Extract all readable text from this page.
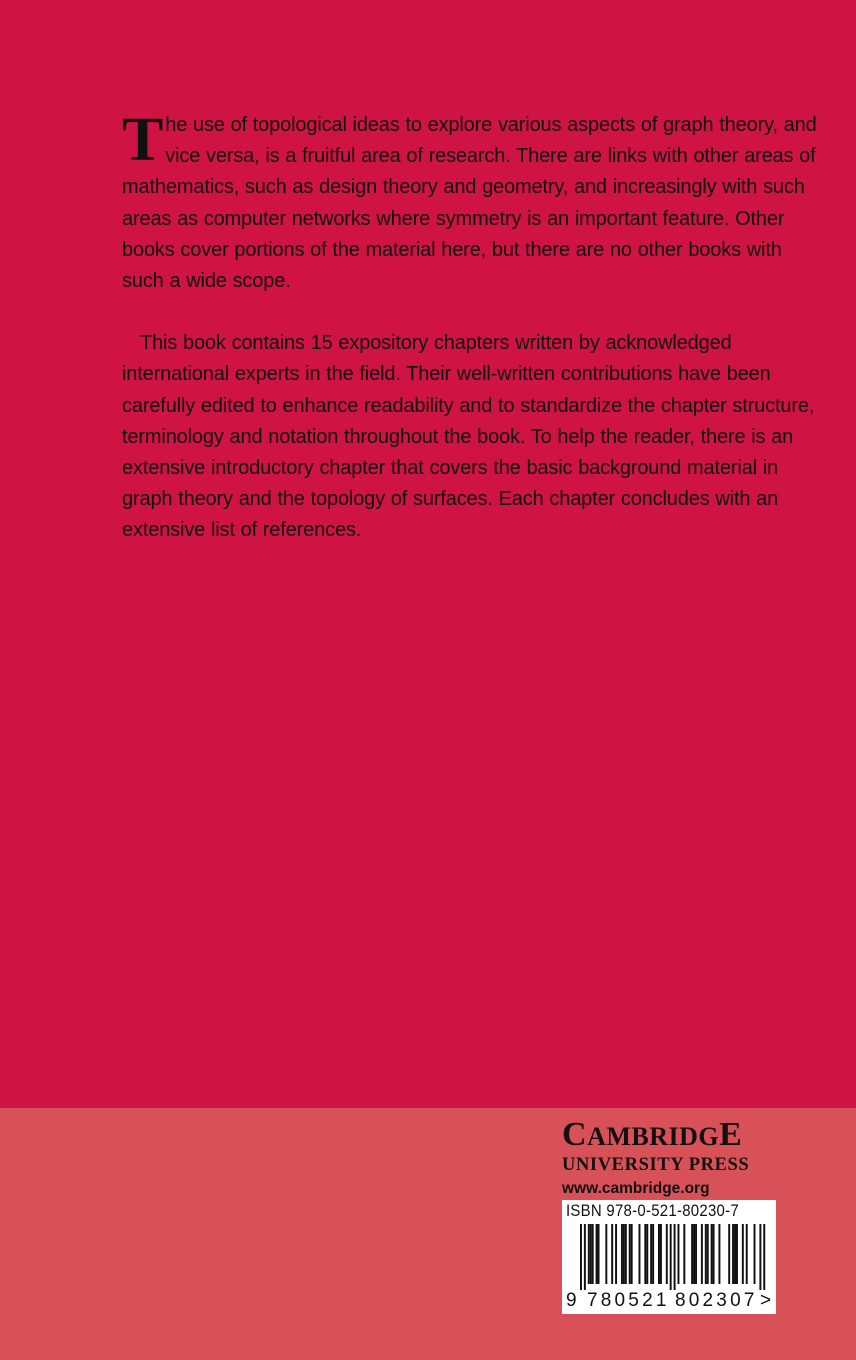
The use of topological ideas to explore various aspects of graph theory, and vice versa, is a fruitful area of research. There are links with other areas of mathematics, such as design theory and geometry, and increasingly with such areas as computer networks where symmetry is an important feature. Other books cover portions of the material here, but there are no other books with such a wide scope.

This book contains 15 expository chapters written by acknowledged international experts in the field. Their well-written contributions have been carefully edited to enhance readability and to standardize the chapter structure, terminology and notation throughout the book. To help the reader, there is an extensive introductory chapter that covers the basic background material in graph theory and the topology of surfaces. Each chapter concludes with an extensive list of references.

CAMBRIDGE
UNIVERSITY PRESS
www.cambridge.org
ISBN 978-0-521-80230-7
9 780521 802307 >
